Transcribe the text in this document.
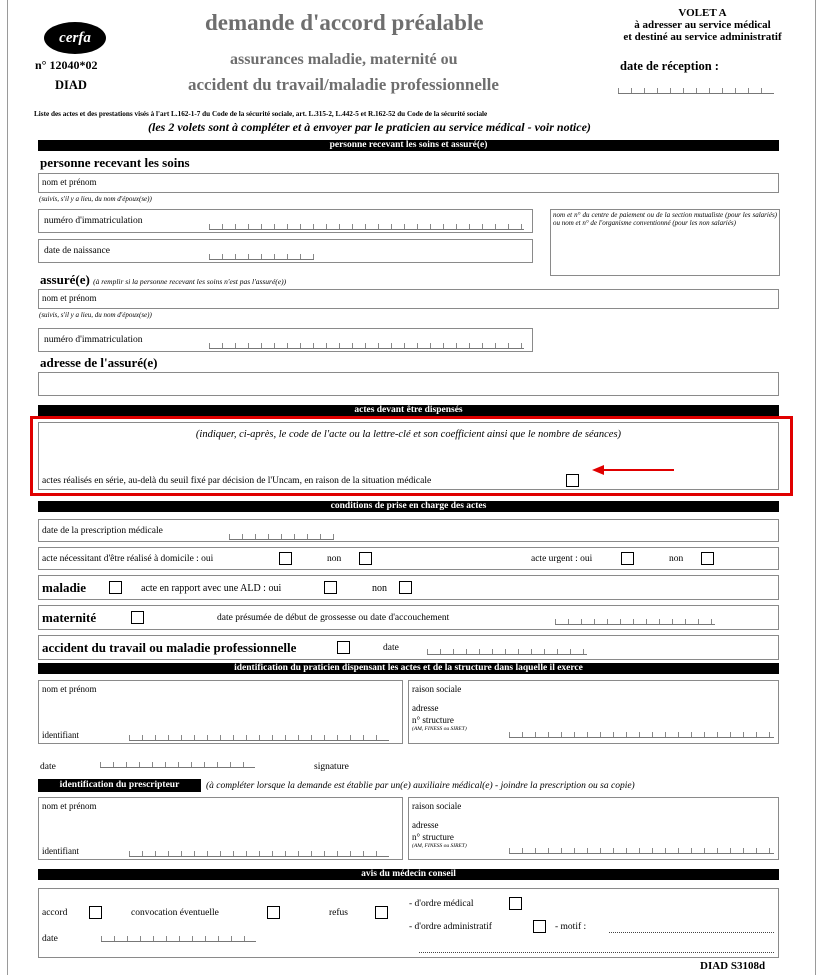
cerfa
n° 12040*02
DIAD
demande d'accord préalable
assurances maladie, maternité ou
accident du travail/maladie professionnelle
VOLET A
à adresser au service médical
et destiné au service administratif
date de réception :
Liste des actes et des prestations visés à l'art L.162-1-7 du Code de la sécurité sociale, art. L.315-2, L.442-5 et R.162-52 du Code de la sécurité sociale
(les 2 volets sont à compléter et à envoyer par le praticien au service médical - voir notice)
personne recevant les soins et assuré(e)
personne recevant les soins
nom et prénom
(suivis, s'il y a lieu, du nom d'époux(se))
numéro d'immatriculation
date de naissance
nom et n° du centre de paiement ou de la section mutualiste (pour les salariés) ou nom et n° de l'organisme conventionné (pour les non salariés)
assuré(e) (à remplir si la personne recevant les soins n'est pas l'assuré(e))
nom et prénom
(suivis, s'il y a lieu, du nom d'époux(se))
numéro d'immatriculation
adresse de l'assuré(e)
actes devant être dispensés
(indiquer, ci-après, le code de l'acte ou la lettre-clé et son coefficient ainsi que le nombre de séances)
actes réalisés en série, au-delà du seuil fixé par décision de l'Uncam, en raison de la situation médicale
conditions de prise en charge des actes
date de la prescription médicale
acte nécessitant d'être réalisé à domicile : oui	non	acte urgent : oui	non
maladie	acte en rapport avec une ALD : oui	non
maternité	date présumée de début de grossesse ou date d'accouchement
accident du travail ou maladie professionnelle	date
identification du praticien dispensant les actes et de la structure dans laquelle il exerce
nom et prénom
identifiant
raison sociale
adresse
n° structure
(AM, FINESS ou SIRET)
date	signature
identification du prescripteur	(à compléter lorsque la demande est établie par un(e) auxiliaire médical(e) - joindre la prescription ou sa copie)
nom et prénom
identifiant
raison sociale
adresse
n° structure
(AM, FINESS ou SIRET)
avis du médecin conseil
accord	convocation éventuelle	refus
- d'ordre médical
- d'ordre administratif	- motif :
date
DIAD S3108d
